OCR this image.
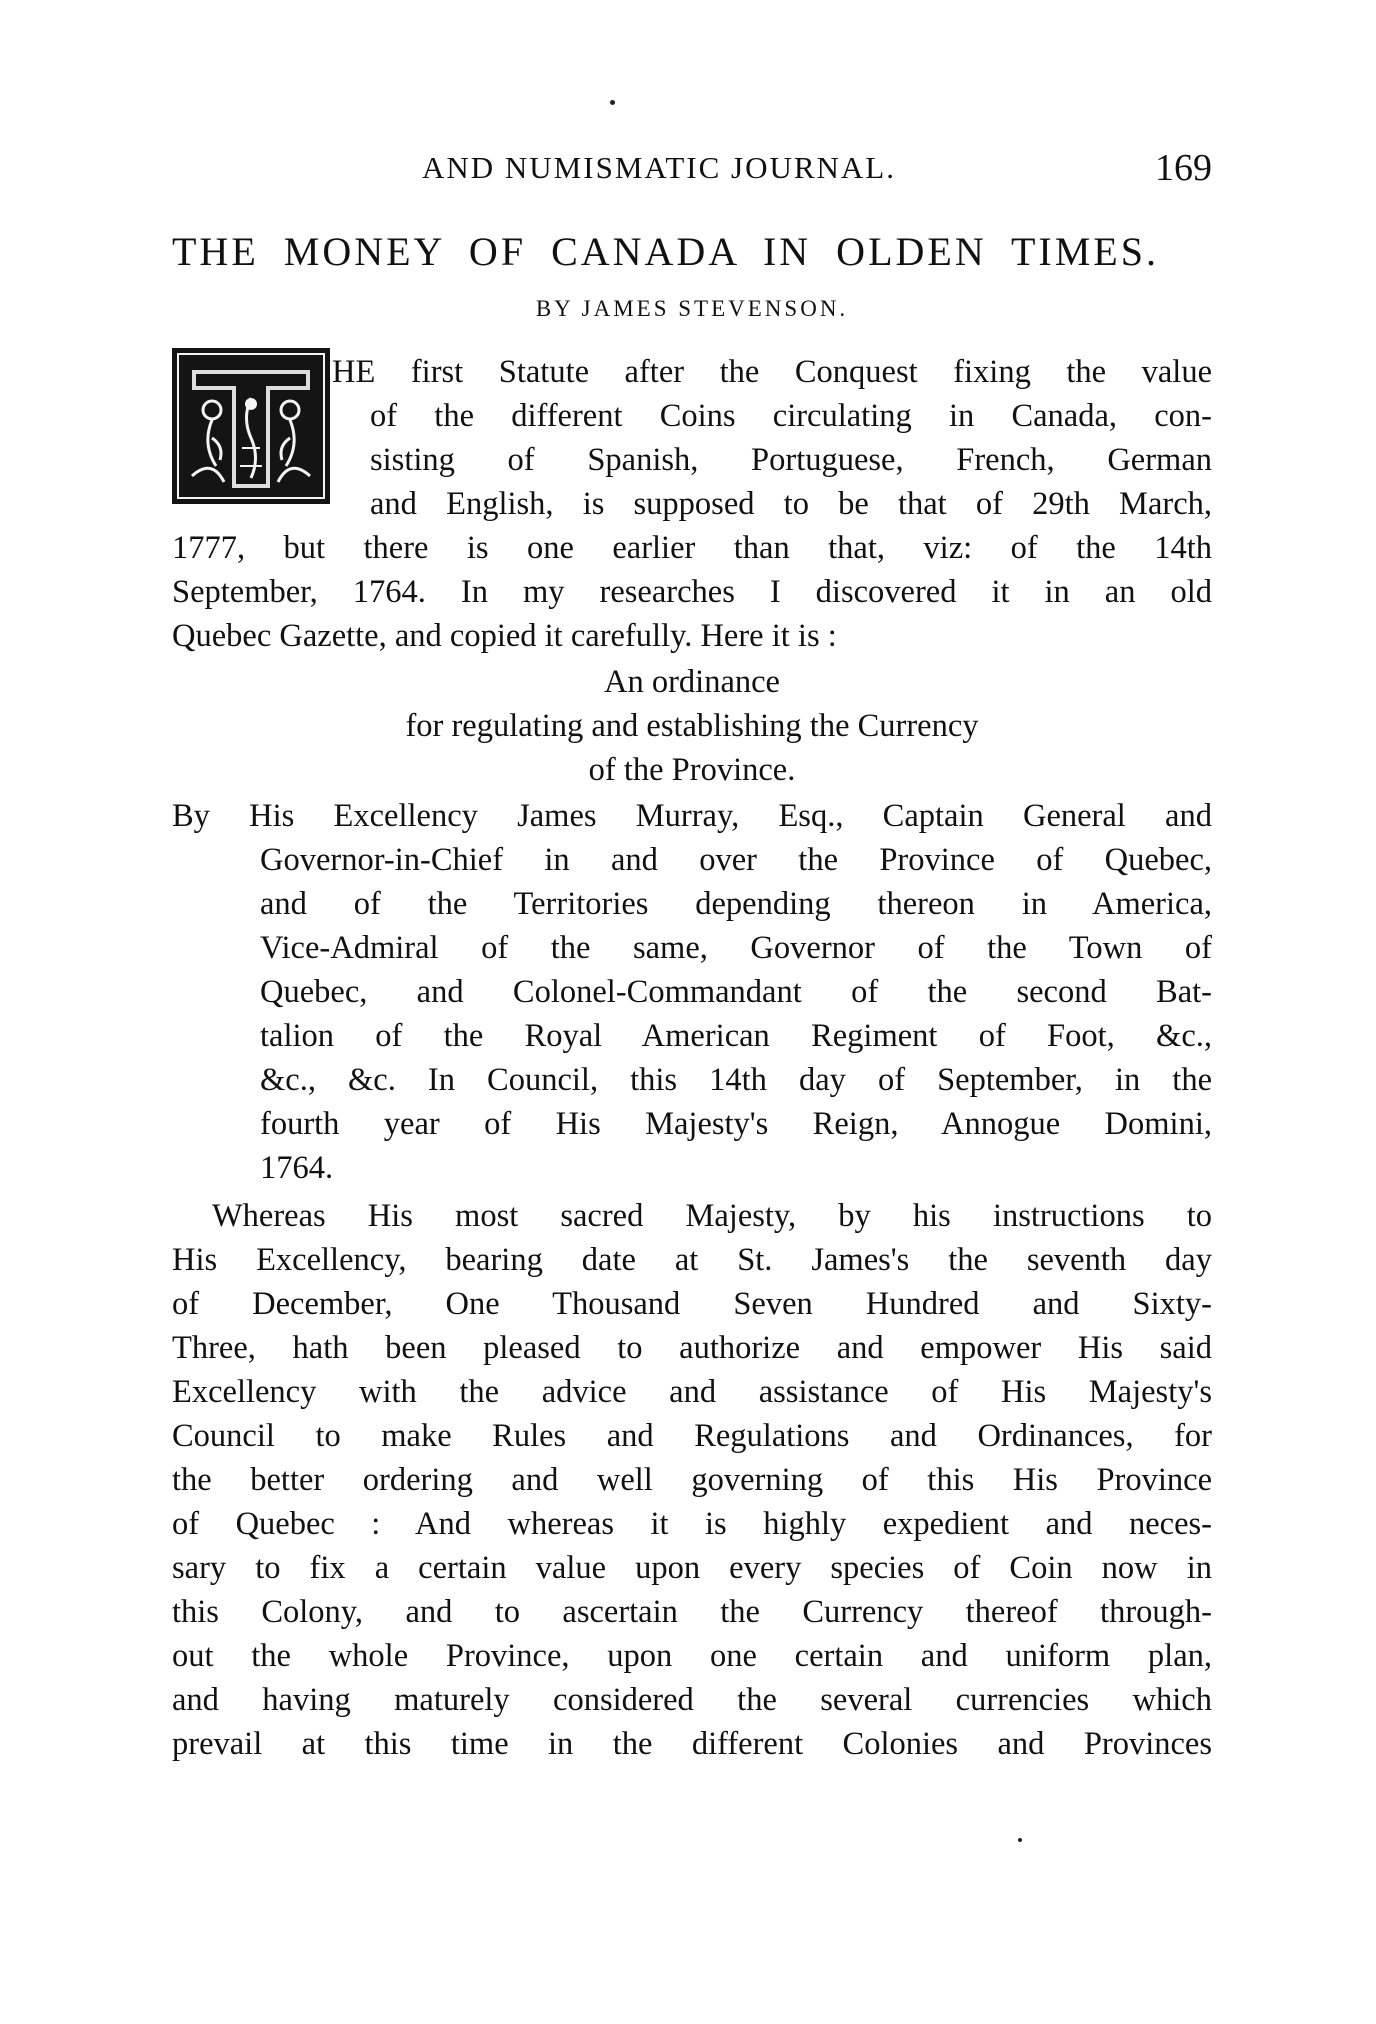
AND NUMISMATIC JOURNAL.	169
THE MONEY OF CANADA IN OLDEN TIMES.
BY JAMES STEVENSON.
HE first Statute after the Conquest fixing the value
of the different Coins circulating in Canada, con-
sisting of Spanish, Portuguese, French, German
and English, is supposed to be that of 29th March,
1777, but there is one earlier than that, viz: of the 14th
September, 1764. In my researches I discovered it in an old
Quebec Gazette, and copied it carefully. Here it is :
An ordinance
for regulating and establishing the Currency
of the Province.
By His Excellency James Murray, Esq., Captain General and
Governor-in-Chief in and over the Province of Quebec,
and of the Territories depending thereon in America,
Vice-Admiral of the same, Governor of the Town of
Quebec, and Colonel-Commandant of the second Bat-
talion of the Royal American Regiment of Foot, &c.,
&c., &c. In Council, this 14th day of September, in the
fourth year of His Majesty's Reign, Annogue Domini,
1764.
Whereas His most sacred Majesty, by his instructions to
His Excellency, bearing date at St. James's the seventh day
of December, One Thousand Seven Hundred and Sixty-
Three, hath been pleased to authorize and empower His said
Excellency with the advice and assistance of His Majesty's
Council to make Rules and Regulations and Ordinances, for
the better ordering and well governing of this His Province
of Quebec : And whereas it is highly expedient and neces-
sary to fix a certain value upon every species of Coin now in
this Colony, and to ascertain the Currency thereof through-
out the whole Province, upon one certain and uniform plan,
and having maturely considered the several currencies which
prevail at this time in the different Colonies and Provinces
